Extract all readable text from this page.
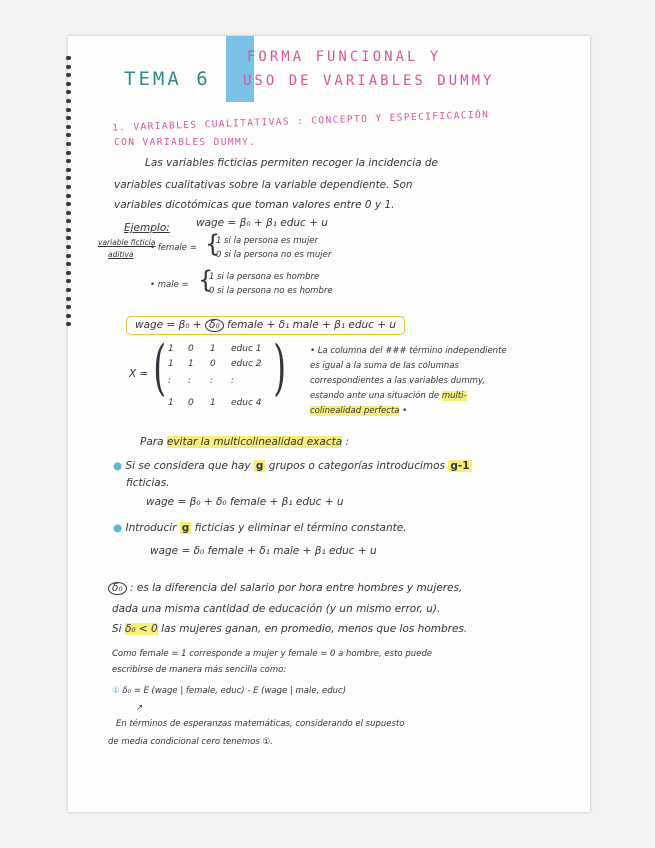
TEMA 6
FORMA FUNCIONAL Y
USO DE VARIABLES DUMMY
1. VARIABLES CUALITATIVAS : CONCEPTO Y ESPECIFICACIÓN
CON VARIABLES DUMMY.
Las variables ficticias permiten recoger la incidencia de
variables cualitativas sobre la variable dependiente. Son
variables dicotómicas que toman valores entre 0 y 1.
Ejemplo: wage = β₀ + β₁ educ + u
variable ficticia
aditiva
• female = {
1 si la persona es mujer
0 si la persona no es mujer
• male = {
1 si la persona es hombre
0 si la persona no es hombre
wage = β₀ + δ₀ female + δ₁ male + β₁ educ + u
X = ( )
1 0 1 educ 1
1 1 0 educ 2
: : : :
1 0 1 educ 4
• La columna del ### término independiente
es igual a la suma de las columnas
correspondientes a las variables dummy,
estando ante una situación de multi-
colinealidad perfecta •
Para evitar la multicolinealidad exacta :
● Si se considera que hay g grupos o categorías introducimos g-1
ficticias.
wage = β₀ + δ₀ female + β₁ educ + u
● Introducir g ficticias y eliminar el término constante.
wage = δ₀ female + δ₁ male + β₁ educ + u
δ₀ : es la diferencia del salario por hora entre hombres y mujeres,
dada una misma cantidad de educación (y un mismo error, u).
Si δ₀ < 0 las mujeres ganan, en promedio, menos que los hombres.
Como female = 1 corresponde a mujer y female = 0 a hombre, esto puede
escribirse de manera más sencilla como:
① δ₀ = E (wage | female, educ) - E (wage | male, educ)
↗
En términos de esperanzas matemáticas, considerando el supuesto
de media condicional cero tenemos ①.
